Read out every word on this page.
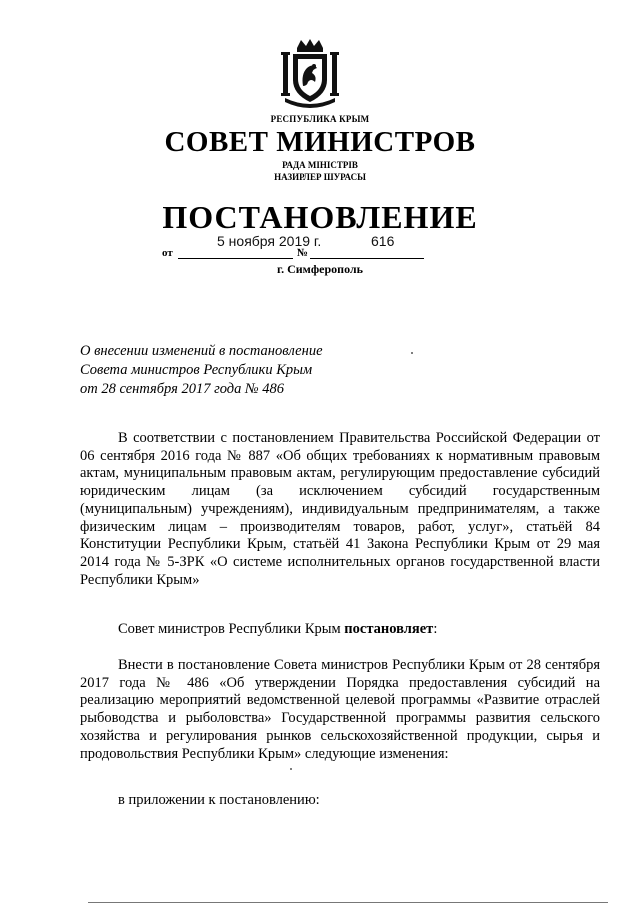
РЕСПУБЛИКА КРЫМ
СОВЕТ МИНИСТРОВ
РАДА МІНІСТРІВ
НАЗИРЛЕР ШУРАСЫ
ПОСТАНОВЛЕНИЕ
5 ноября 2019 г.	616
от	№
г. Симферополь
О внесении изменений в постановление
Совета министров Республики Крым
от 28 сентября 2017 года № 486
В соответствии с постановлением Правительства Российской Федерации от 06 сентября 2016 года № 887 «Об общих требованиях к нормативным правовым актам, муниципальным правовым актам, регулирующим предоставление субсидий юридическим лицам (за исключением субсидий государственным (муниципальным) учреждениям), индивидуальным предпринимателям, а также физическим лицам – производителям товаров, работ, услуг», статьёй 84 Конституции Республики Крым, статьёй 41 Закона Республики Крым от 29 мая 2014 года № 5-ЗРК «О системе исполнительных органов государственной власти Республики Крым»
Совет министров Республики Крым постановляет:
Внести в постановление Совета министров Республики Крым от 28 сентября 2017 года № 486 «Об утверждении Порядка предоставления субсидий на реализацию мероприятий ведомственной целевой программы «Развитие отраслей рыбоводства и рыболовства» Государственной программы развития сельского хозяйства и регулирования рынков сельскохозяйственной продукции, сырья и продовольствия Республики Крым» следующие изменения:
в приложении к постановлению:
